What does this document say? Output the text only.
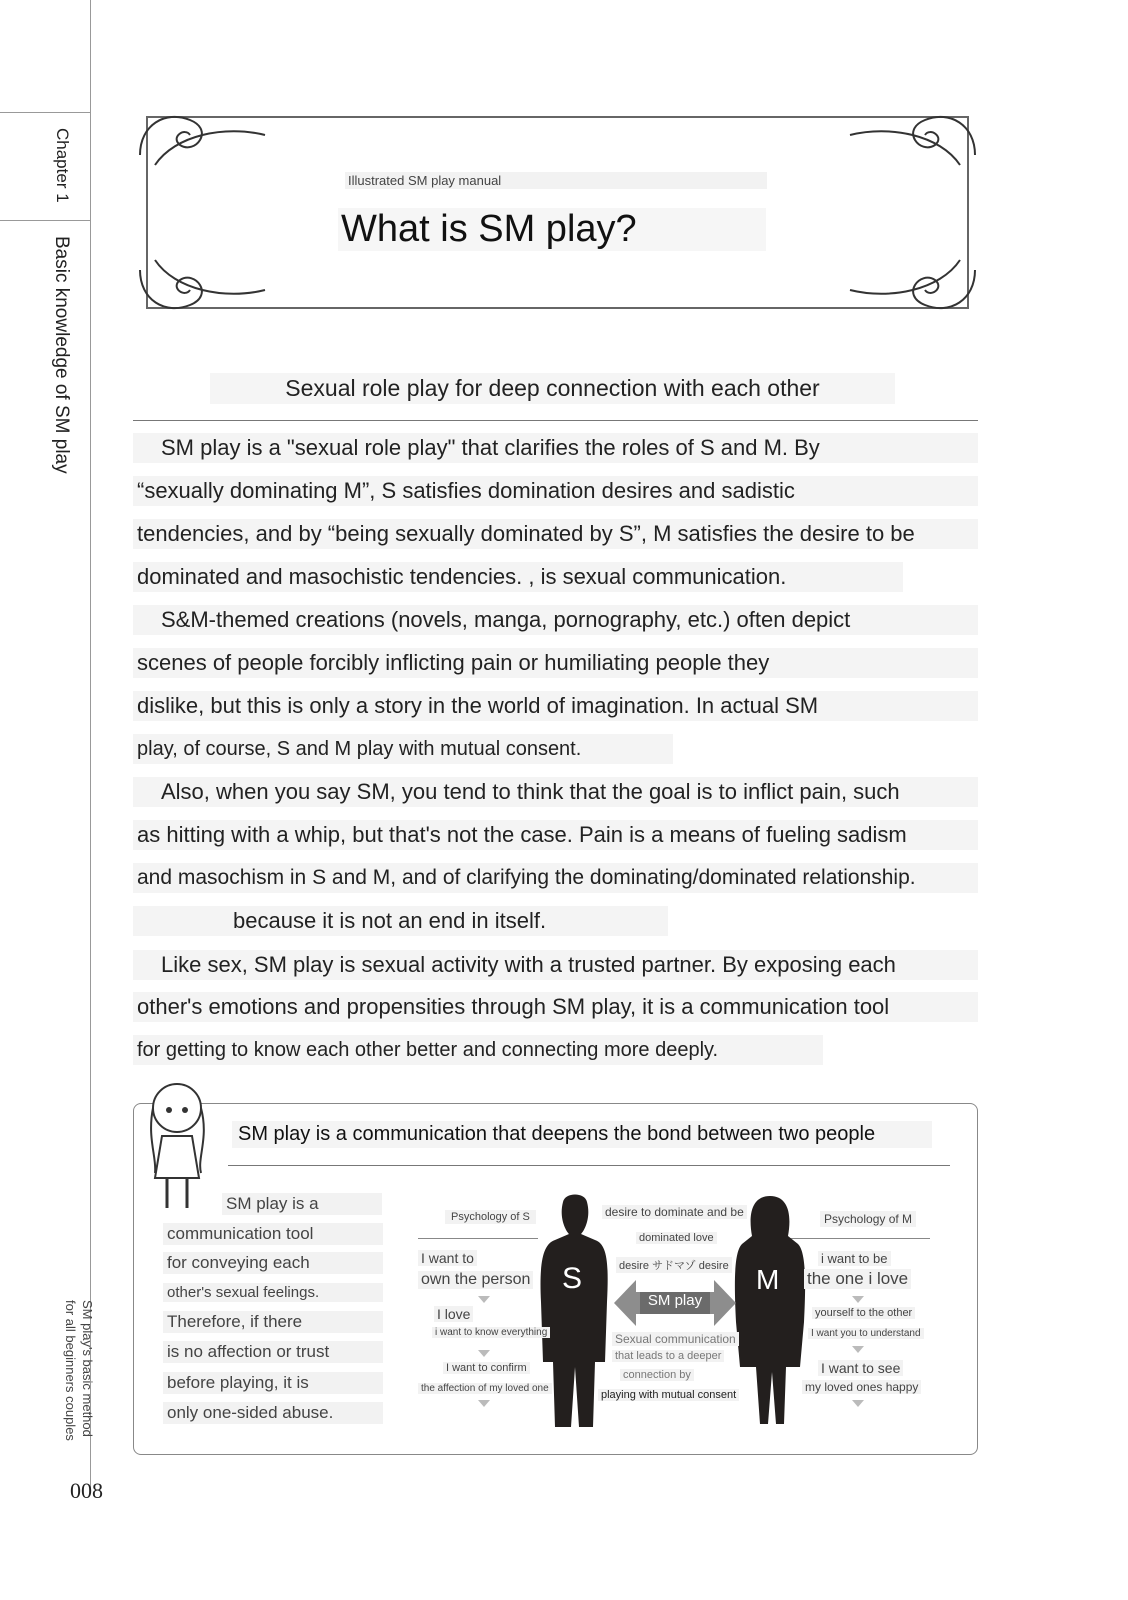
Chapter 1
Basic knowledge of SM play
SM play's basic method
for all beginners couples
008
Illustrated SM play manual
What is SM play?
Sexual role play for deep connection with each other
SM play is a "sexual role play" that clarifies the roles of S and M. By
“sexually dominating M”, S satisfies domination desires and sadistic
tendencies, and by “being sexually dominated by S”, M satisfies the desire to be
dominated and masochistic tendencies. , is sexual communication.
S&M-themed creations (novels, manga, pornography, etc.) often depict
scenes of people forcibly inflicting pain or humiliating people they
dislike, but this is only a story in the world of imagination. In actual SM
play, of course, S and M play with mutual consent.
Also, when you say SM, you tend to think that the goal is to inflict pain, such
as hitting with a whip, but that's not the case. Pain is a means of fueling sadism
and masochism in S and M, and of clarifying the dominating/dominated relationship.
because it is not an end in itself.
Like sex, SM play is sexual activity with a trusted partner. By exposing each
other's emotions and propensities through SM play, it is a communication tool
for getting to know each other better and connecting more deeply.
SM play is a communication that deepens the bond between two people
SM play is a
communication tool
for conveying each
other's sexual feelings.
Therefore, if there
is no affection or trust
before playing, it is
only one-sided abuse.
Psychology of S	Psychology of M
S	M
I want to
own the person
I love
i want to know everything
I want to confirm
the affection of my loved one
i want to be
the one i love
yourself to the other
I want you to understand
I want to see
my loved ones happy
desire to dominate and be
dominated love
desire サドマゾ desire
Sexual communication
that leads to a deeper
connection by
playing with mutual consent
SM play
